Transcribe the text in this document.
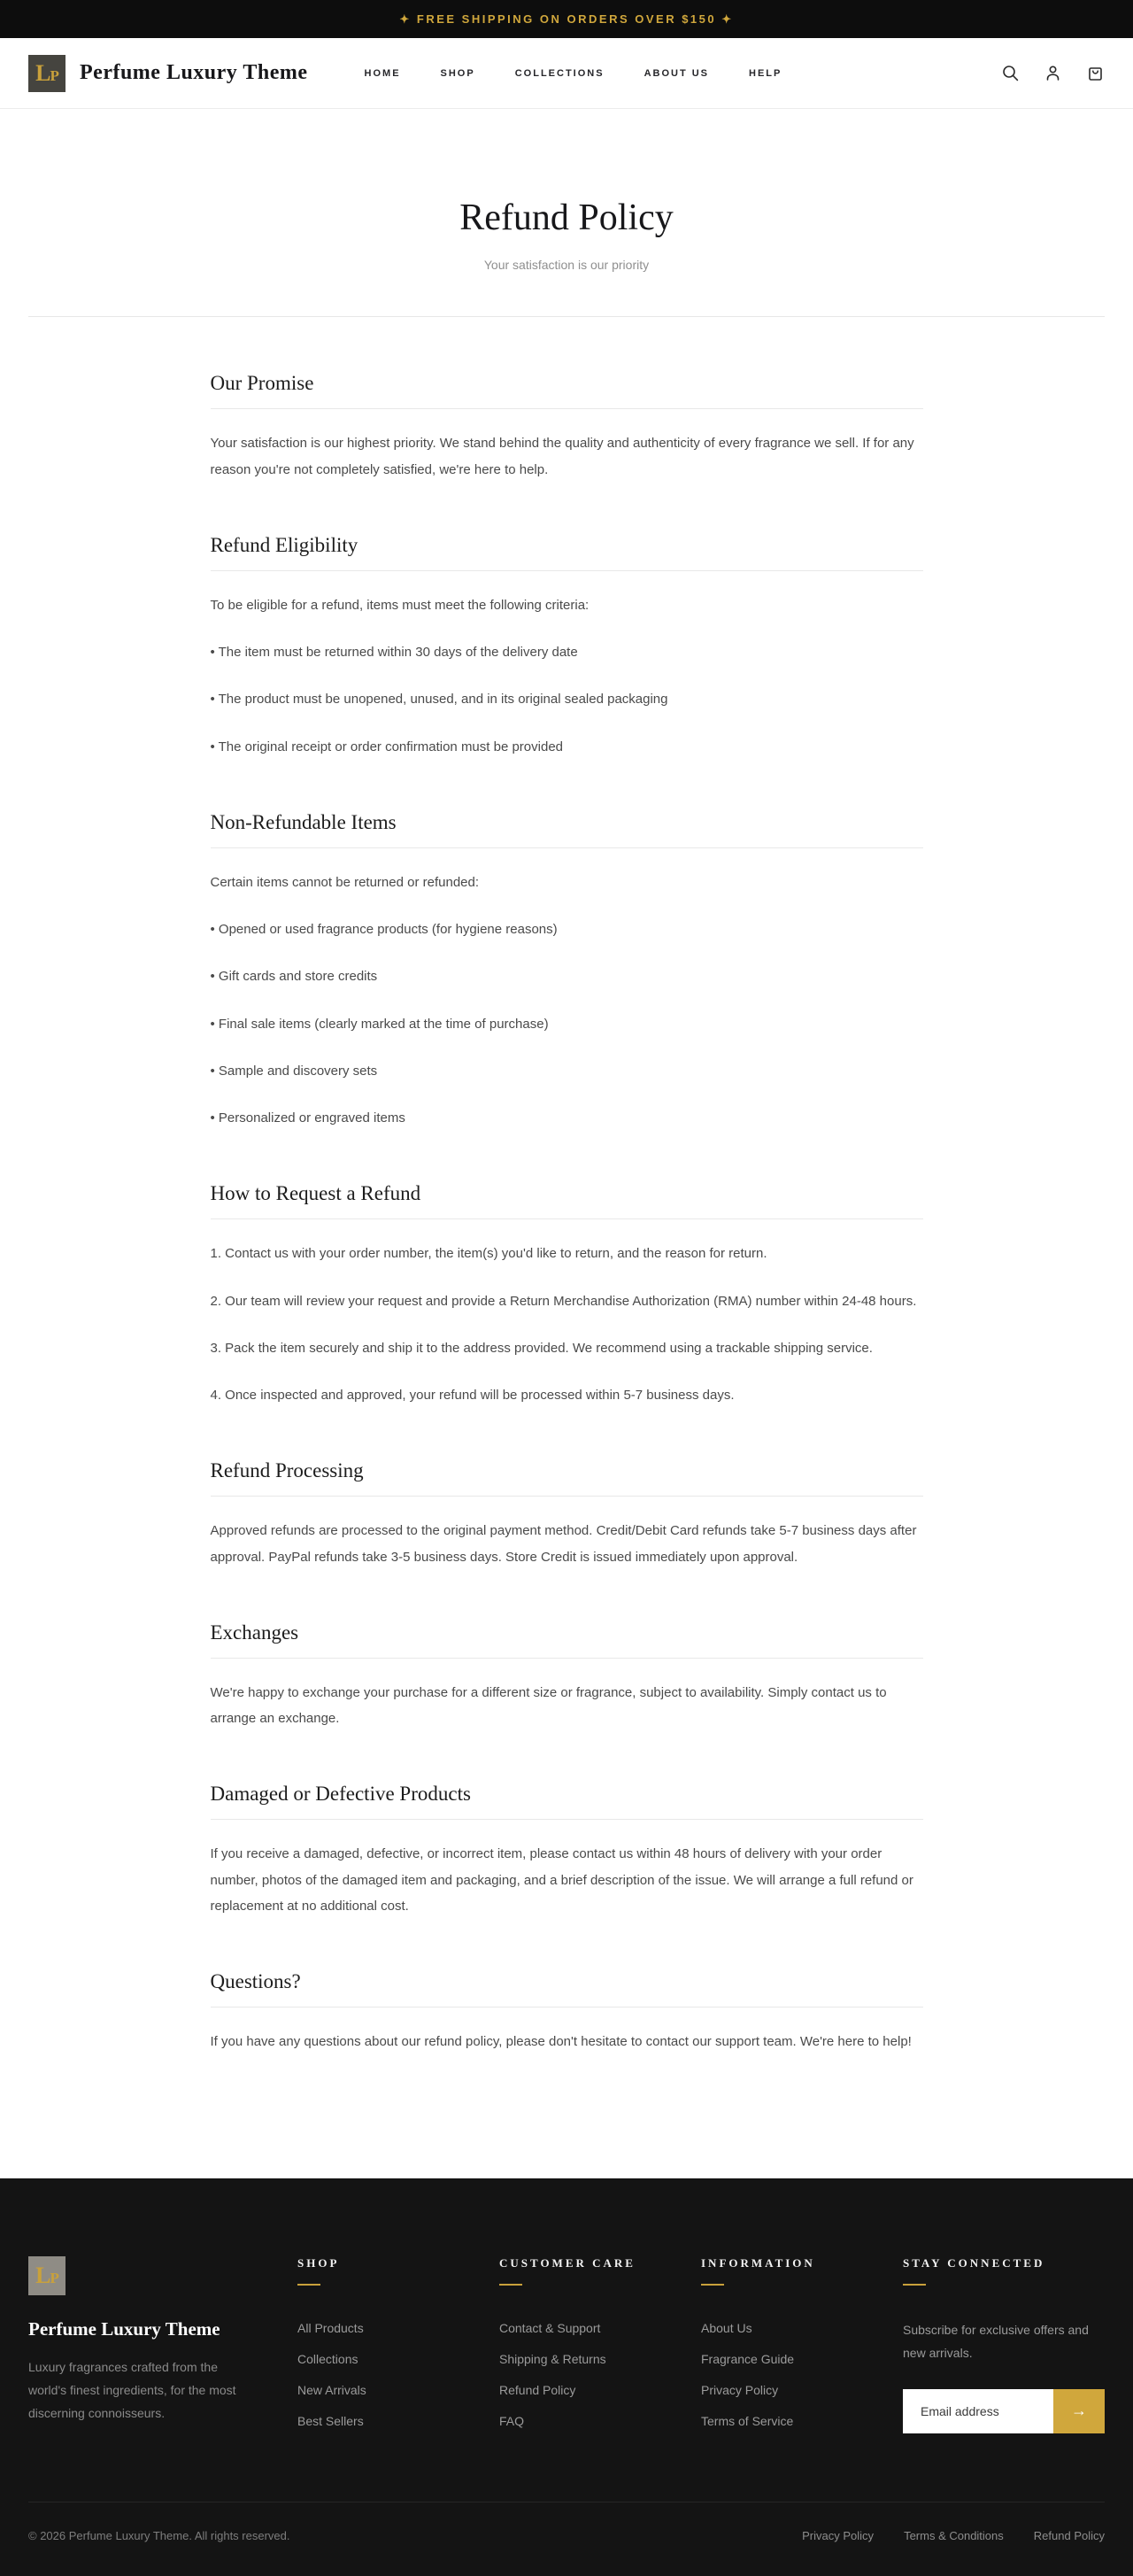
✦ FREE SHIPPING ON ORDERS OVER $150 ✦
LP Perfume Luxury Theme	HOME	SHOP	COLLECTIONS	ABOUT US	HELP
Refund Policy
Your satisfaction is our priority
Our Promise

Your satisfaction is our highest priority. We stand behind the quality and authenticity of every fragrance we sell. If for any reason you're not completely satisfied, we're here to help.

Refund Eligibility

To be eligible for a refund, items must meet the following criteria:

• The item must be returned within 30 days of the delivery date

• The product must be unopened, unused, and in its original sealed packaging

• The original receipt or order confirmation must be provided

Non-Refundable Items

Certain items cannot be returned or refunded:

• Opened or used fragrance products (for hygiene reasons)

• Gift cards and store credits

• Final sale items (clearly marked at the time of purchase)

• Sample and discovery sets

• Personalized or engraved items

How to Request a Refund

1. Contact us with your order number, the item(s) you'd like to return, and the reason for return.

2. Our team will review your request and provide a Return Merchandise Authorization (RMA) number within 24-48 hours.

3. Pack the item securely and ship it to the address provided. We recommend using a trackable shipping service.

4. Once inspected and approved, your refund will be processed within 5-7 business days.

Refund Processing

Approved refunds are processed to the original payment method. Credit/Debit Card refunds take 5-7 business days after approval. PayPal refunds take 3-5 business days. Store Credit is issued immediately upon approval.

Exchanges

We're happy to exchange your purchase for a different size or fragrance, subject to availability. Simply contact us to arrange an exchange.

Damaged or Defective Products

If you receive a damaged, defective, or incorrect item, please contact us within 48 hours of delivery with your order number, photos of the damaged item and packaging, and a brief description of the issue. We will arrange a full refund or replacement at no additional cost.

Questions?

If you have any questions about our refund policy, please don't hesitate to contact our support team. We're here to help!

LP
Perfume Luxury Theme
Luxury fragrances crafted from the world's finest ingredients, for the most discerning connoisseurs.
SHOP
All Products
Collections
New Arrivals
Best Sellers
CUSTOMER CARE
Contact & Support
Shipping & Returns
Refund Policy
FAQ
INFORMATION
About Us
Fragrance Guide
Privacy Policy
Terms of Service
STAY CONNECTED
Subscribe for exclusive offers and new arrivals.
Email address
→
© 2026 Perfume Luxury Theme. All rights reserved.	Privacy Policy	Terms & Conditions	Refund Policy
